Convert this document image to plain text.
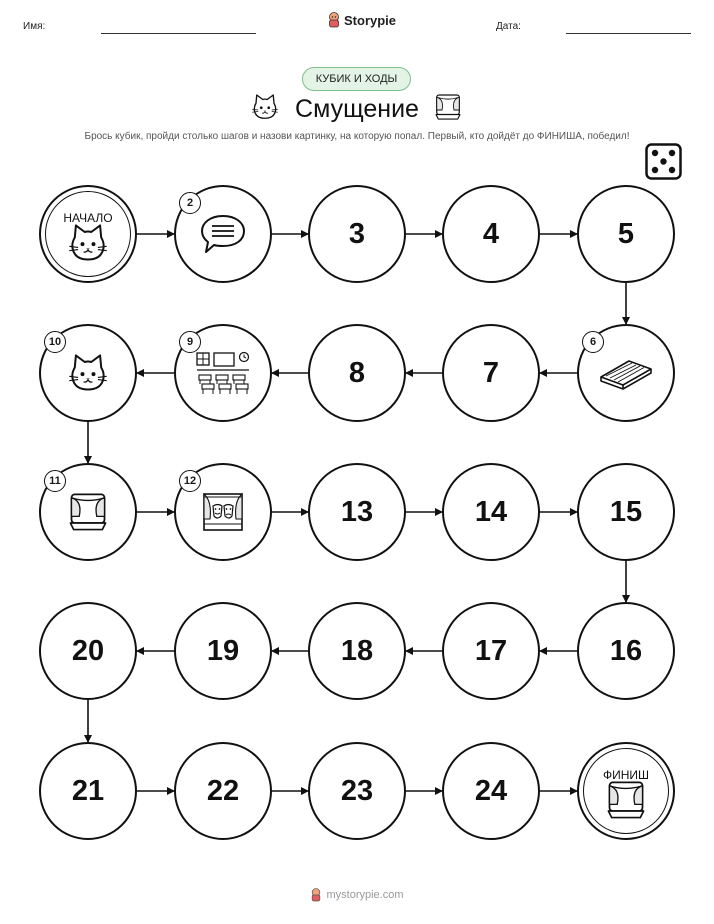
Имя:	Storypie	Дата:
КУБИК И ХОДЫ
Смущение
Брось кубик, пройди столько шагов и назови картинку, на которую попал. Первый, кто дойдёт до ФИНИША, победил!
НАЧАЛО
2
3	4	5
6
7
8
9
10
11	12
13	14	15
16
17
18
19
20
21	22	23	24	ФИНИШ
mystorypie.com
